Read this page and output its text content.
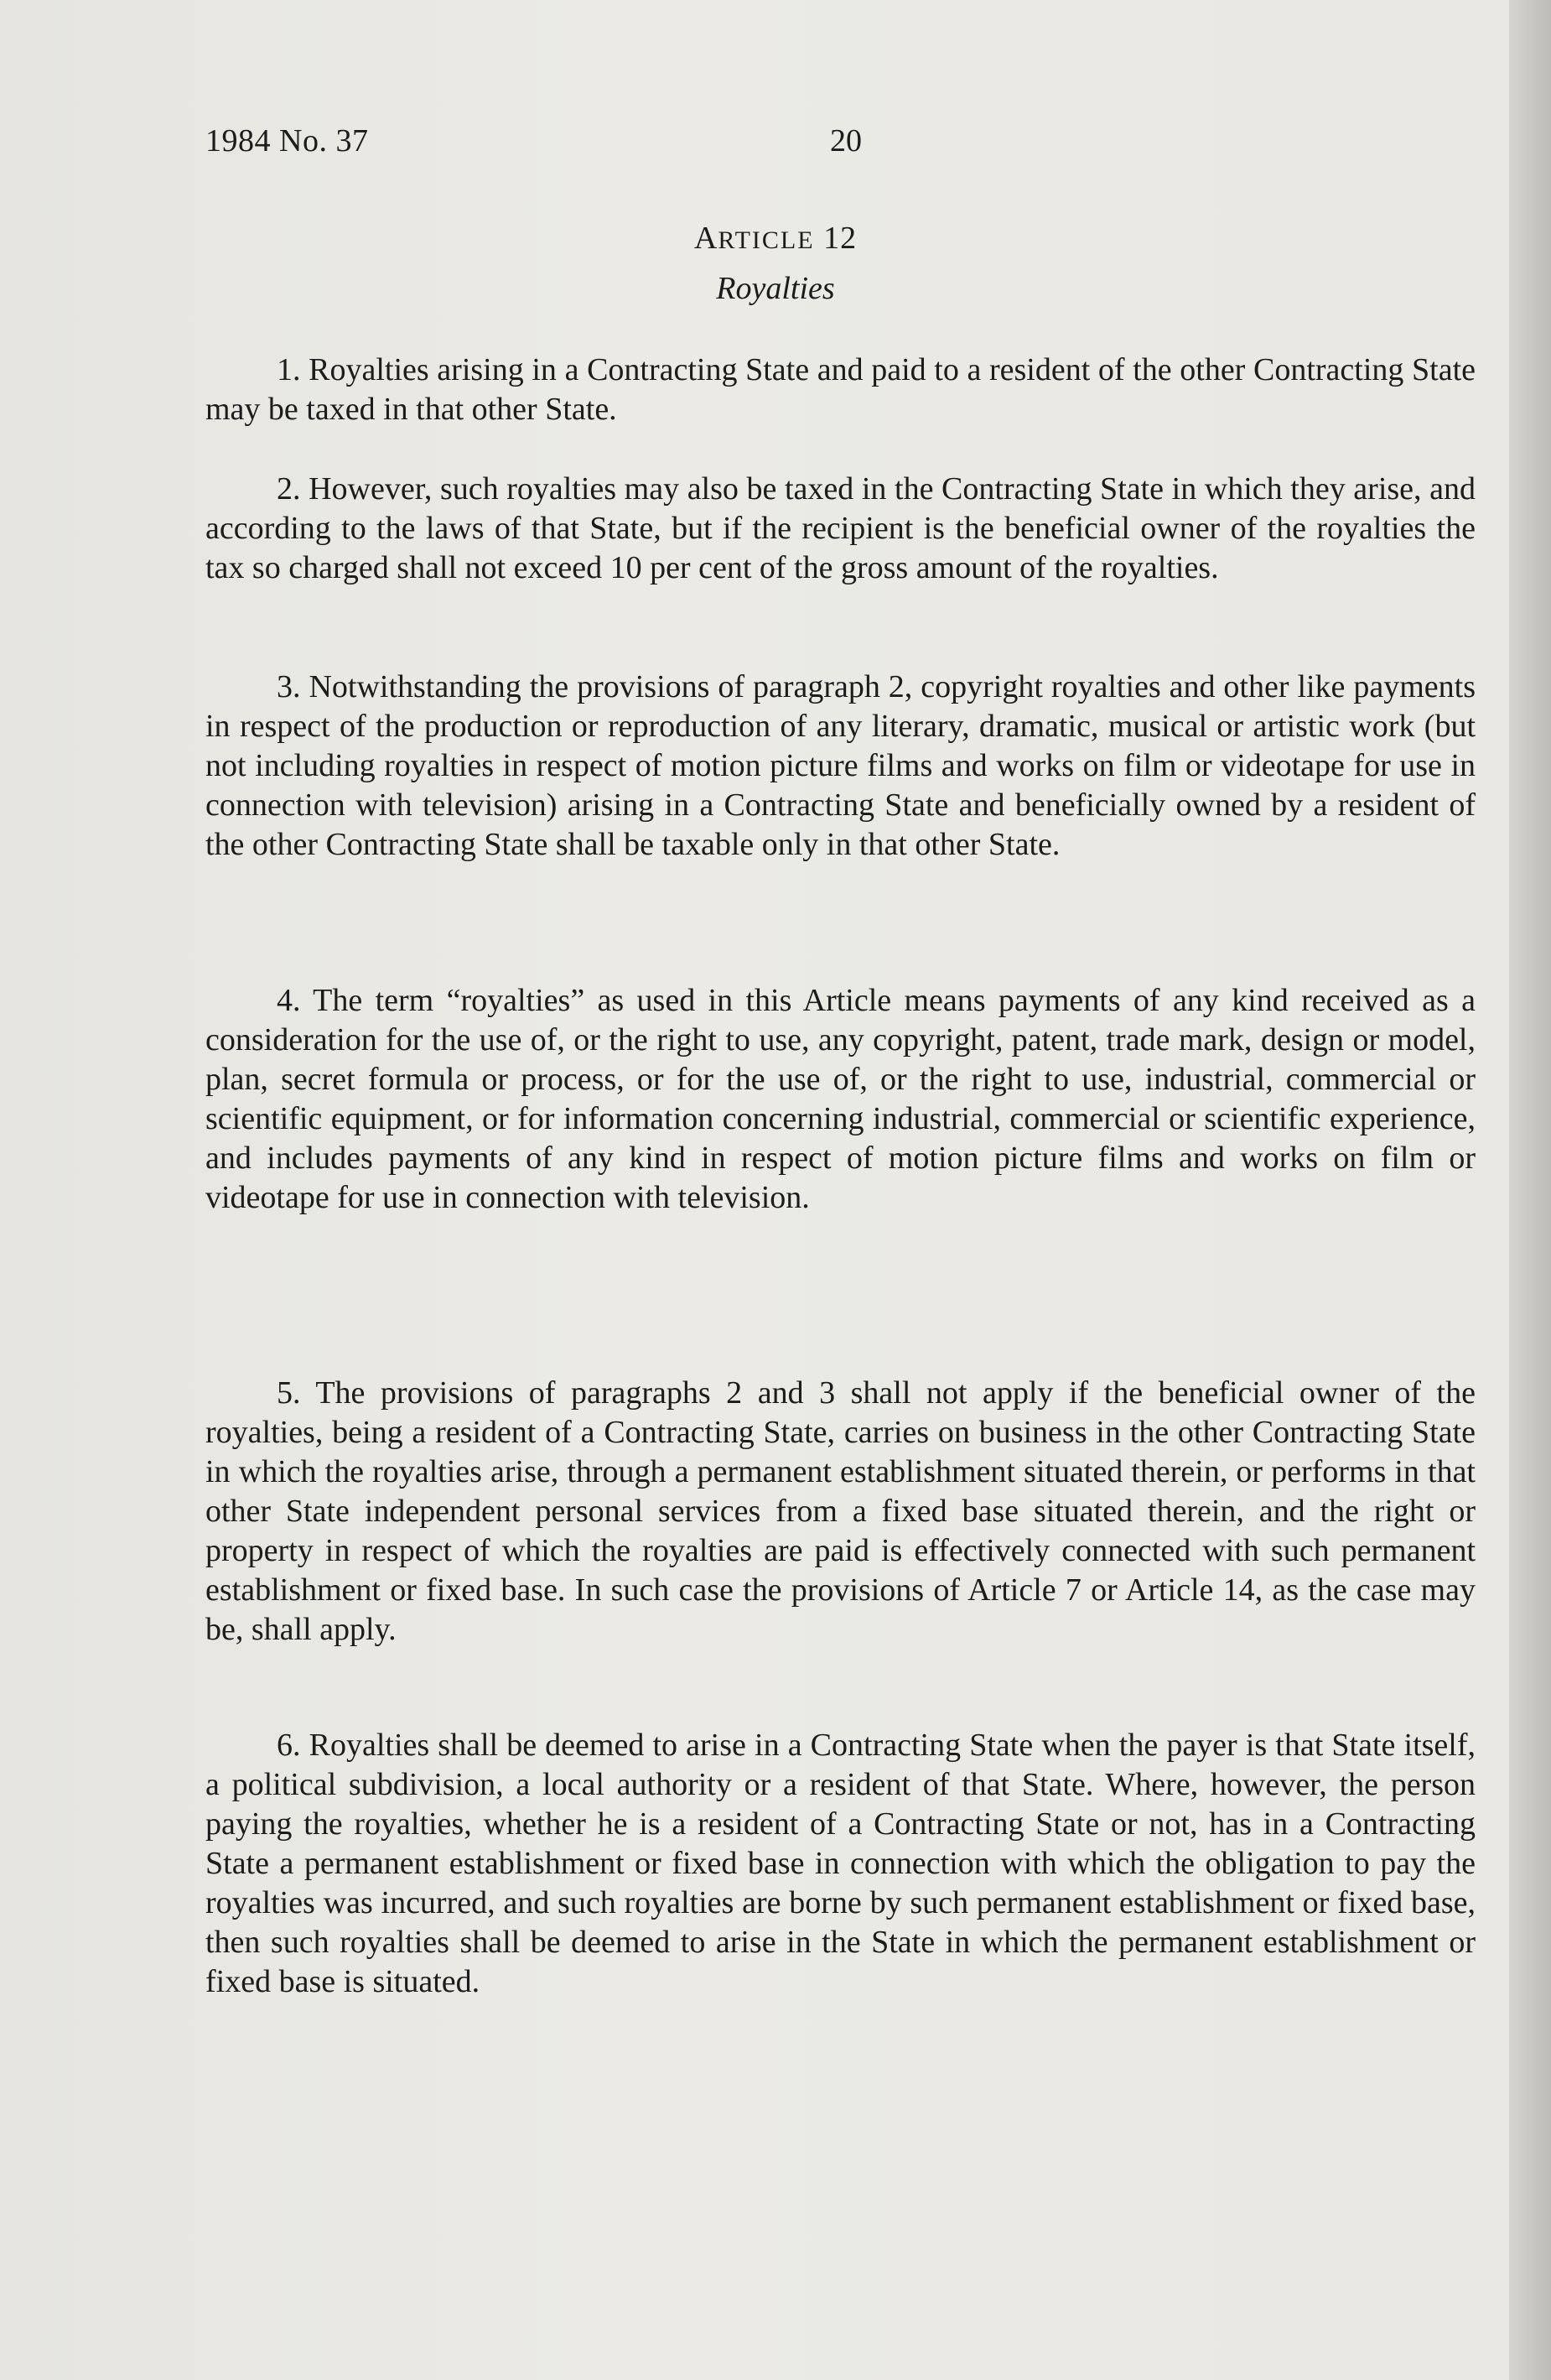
1984 No. 37	20
ARTICLE 12
Royalties

1. Royalties arising in a Contracting State and paid to a resident of the other Contracting State may be taxed in that other State.

2. However, such royalties may also be taxed in the Contracting State in which they arise, and according to the laws of that State, but if the recipient is the beneficial owner of the royalties the tax so charged shall not exceed 10 per cent of the gross amount of the royalties.

3. Notwithstanding the provisions of paragraph 2, copyright royalties and other like payments in respect of the production or reproduction of any literary, dramatic, musical or artistic work (but not including royalties in respect of motion picture films and works on film or videotape for use in connection with television) arising in a Contracting State and beneficially owned by a resident of the other Contracting State shall be taxable only in that other State.

4. The term “royalties” as used in this Article means payments of any kind received as a consideration for the use of, or the right to use, any copyright, patent, trade mark, design or model, plan, secret formula or process, or for the use of, or the right to use, industrial, commercial or scientific equipment, or for information concerning industrial, commercial or scientific experience, and includes payments of any kind in respect of motion picture films and works on film or videotape for use in connection with television.

5. The provisions of paragraphs 2 and 3 shall not apply if the beneficial owner of the royalties, being a resident of a Contracting State, carries on business in the other Contracting State in which the royalties arise, through a permanent establishment situated therein, or performs in that other State independent personal services from a fixed base situated therein, and the right or property in respect of which the royalties are paid is effectively connected with such permanent establishment or fixed base. In such case the provisions of Article 7 or Article 14, as the case may be, shall apply.

6. Royalties shall be deemed to arise in a Contracting State when the payer is that State itself, a political subdivision, a local authority or a resident of that State. Where, however, the person paying the royalties, whether he is a resident of a Contracting State or not, has in a Contracting State a permanent establishment or fixed base in connection with which the obligation to pay the royalties was incurred, and such royalties are borne by such permanent establishment or fixed base, then such royalties shall be deemed to arise in the State in which the permanent establishment or fixed base is situated.
